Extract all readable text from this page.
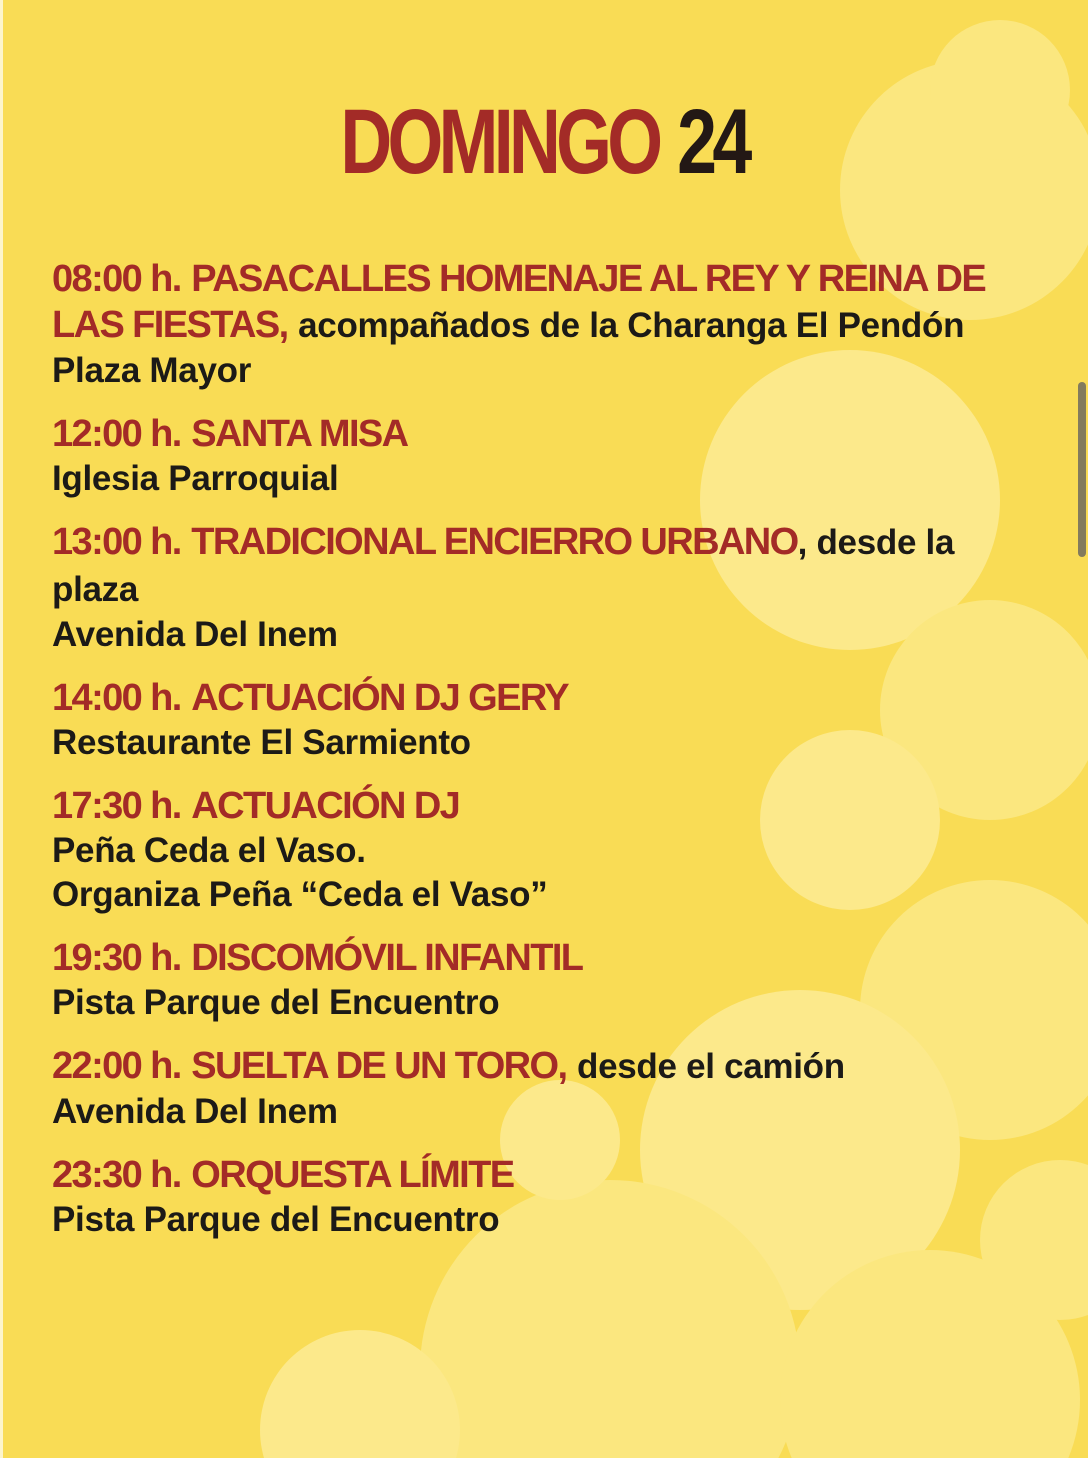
DOMINGO 24
08:00 h. PASACALLES HOMENAJE AL REY Y REINA DE LAS FIESTAS, acompañados de la Charanga El Pendón
Plaza Mayor
12:00 h. SANTA MISA
Iglesia Parroquial
13:00 h. TRADICIONAL ENCIERRO URBANO, desde la plaza
Avenida Del Inem
14:00 h. ACTUACIÓN DJ GERY
Restaurante El Sarmiento
17:30 h. ACTUACIÓN DJ
Peña Ceda el Vaso.
Organiza Peña “Ceda el Vaso”
19:30 h. DISCOMÓVIL INFANTIL
Pista Parque del Encuentro
22:00 h. SUELTA DE UN TORO, desde el camión
Avenida Del Inem
23:30 h. ORQUESTA LÍMITE
Pista Parque del Encuentro
